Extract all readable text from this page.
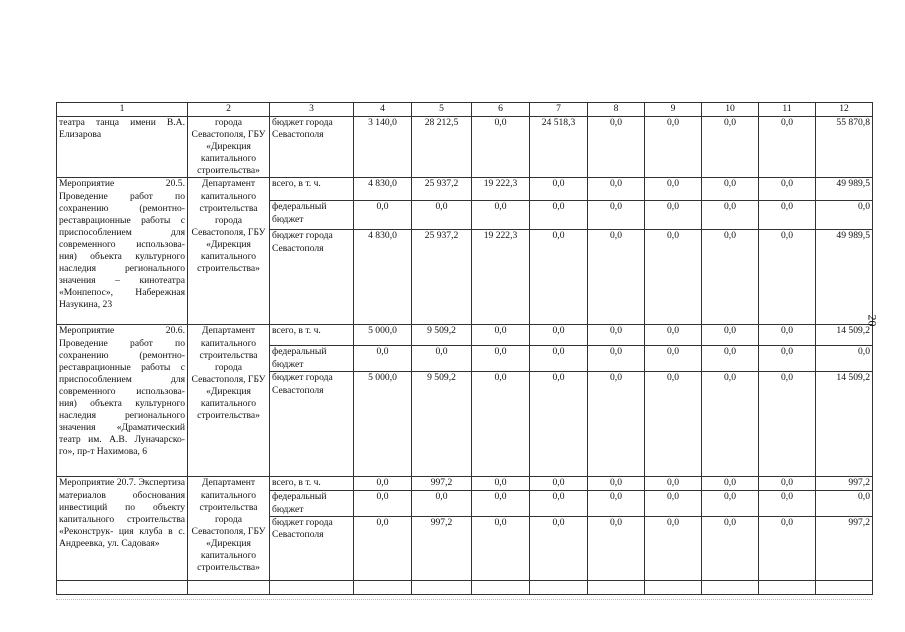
1	2	3	4	5	6	7	8	9	10	11	12
театра танца имени В.А. Елизарова	города Севастополя, ГБУ «Дирекция капитального строительства»	бюджет города Севастополя	3 140,0	28 212,5	0,0	24 518,3	0,0	0,0	0,0	0,0	55 870,8
Мероприятие 20.5. Проведение работ по сохранению (ремонтно- реставрационные работы с приспособлением для современного использова- ния) объекта культурного наследия регионального значения – кинотеатра «Монпепос», Набережная Назукина, 23	Департамент капитального строительства города Севастополя, ГБУ «Дирекция капитального строительства»	всего, в т. ч.	4 830,0	25 937,2	19 222,3	0,0	0,0	0,0	0,0	0,0	49 989,5
		федеральный бюджет	0,0	0,0	0,0	0,0	0,0	0,0	0,0	0,0	0,0
		бюджет города Севастополя	4 830,0	25 937,2	19 222,3	0,0	0,0	0,0	0,0	0,0	49 989,5
Мероприятие 20.6. Проведение работ по сохранению (ремонтно- реставрационные работы с приспособлением для современного использова- ния) объекта культурного наследия регионального значения «Драматический театр им. А.В. Луначарско- го», пр-т Нахимова, 6	Департамент капитального строительства города Севастополя, ГБУ «Дирекция капитального строительства»	всего, в т. ч.	5 000,0	9 509,2	0,0	0,0	0,0	0,0	0,0	0,0	14 509,2
		федеральный бюджет	0,0	0,0	0,0	0,0	0,0	0,0	0,0	0,0	0,0
		бюджет города Севастополя	5 000,0	9 509,2	0,0	0,0	0,0	0,0	0,0	0,0	14 509,2
Мероприятие 20.7. Экспертиза материалов обоснования инвестиций по объекту капитального строительства «Реконструк- ция клуба в с. Андреевка, ул. Садовая»	Департамент капитального строительства города Севастополя, ГБУ «Дирекция капитального строительства»	всего, в т. ч.	0,0	997,2	0,0	0,0	0,0	0,0	0,0	0,0	997,2
		федеральный бюджет	0,0	0,0	0,0	0,0	0,0	0,0	0,0	0,0	0,0
		бюджет города Севастополя	0,0	997,2	0,0	0,0	0,0	0,0	0,0	0,0	997,2

20
